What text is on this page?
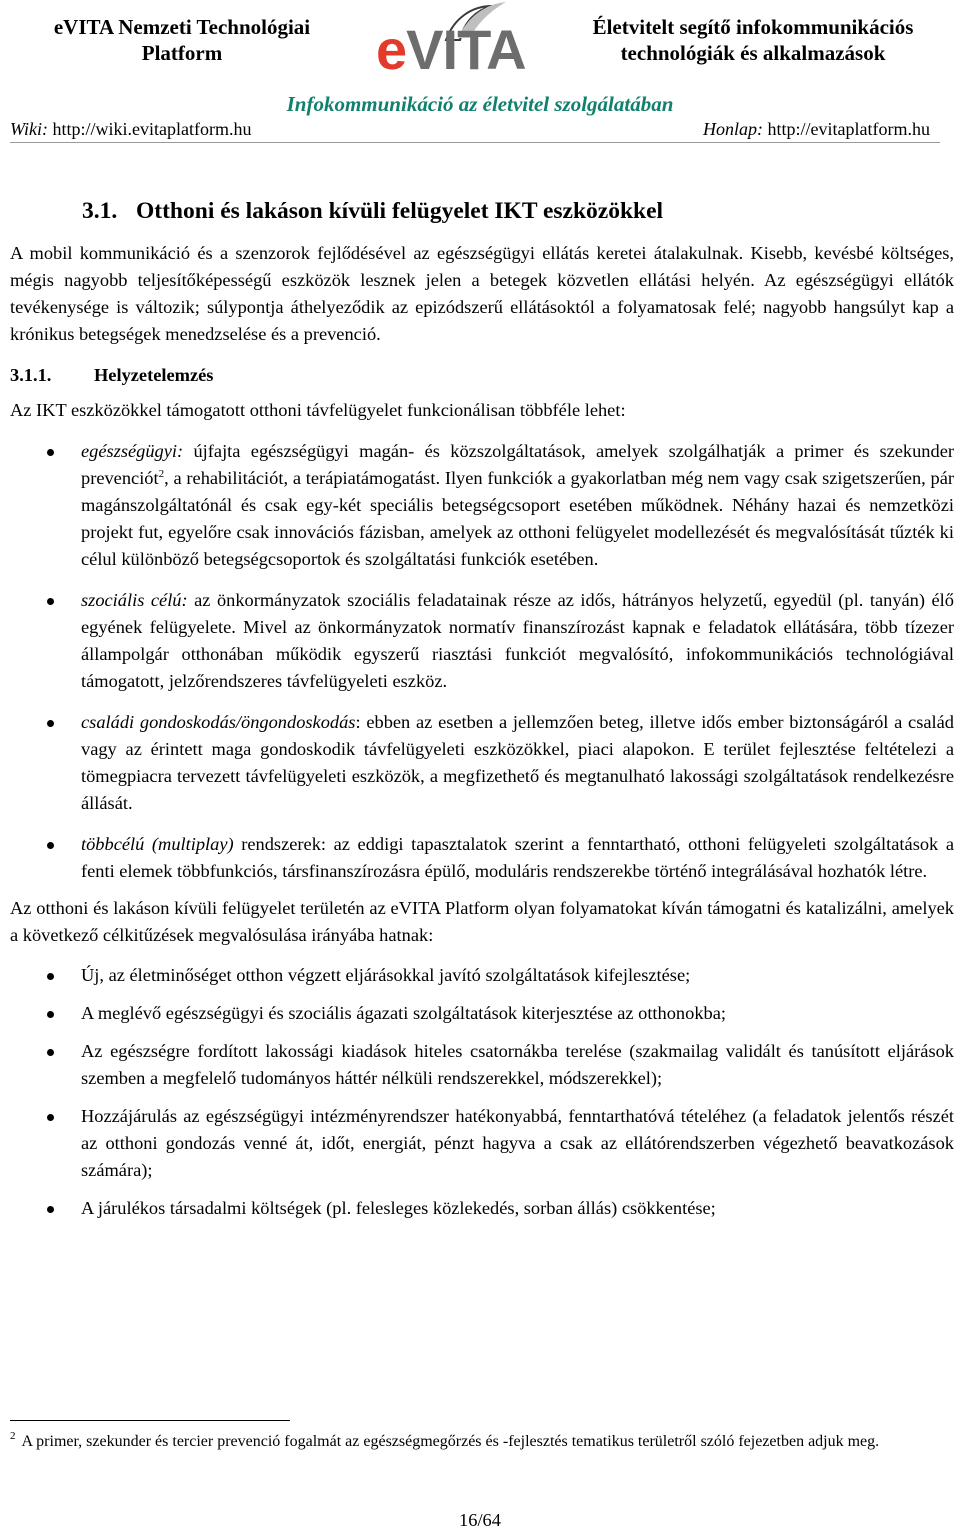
eVITA Nemzeti Technológiai
Platform	eVITA	Életvitelt segítő infokommunikációs
technológiák és alkalmazások
Infokommunikáció az életvitel szolgálatában
Wiki: http://wiki.evitaplatform.hu	Honlap: http://evitaplatform.hu
3.1. Otthoni és lakáson kívüli felügyelet IKT eszközökkel

A mobil kommunikáció és a szenzorok fejlődésével az egészségügyi ellátás keretei átalakulnak. Kisebb, kevésbé költséges, mégis nagyobb teljesítőképességű eszközök lesznek jelen a betegek közvetlen ellátási helyén. Az egészségügyi ellátók tevékenysége is változik; súlypontja áthelyeződik az epizódszerű ellátásoktól a folyamatosak felé; nagyobb hangsúlyt kap a krónikus betegségek menedzselése és a prevenció.

3.1.1. Helyzetelemzés

Az IKT eszközökkel támogatott otthoni távfelügyelet funkcionálisan többféle lehet:

egészségügyi: újfajta egészségügyi magán- és közszolgáltatások, amelyek szolgálhatják a primer és szekunder prevenciót$^2$, a rehabilitációt, a terápiatámogatást. Ilyen funkciók a gyakorlatban még nem vagy csak szigetszerűen, pár magánszolgáltatónál és csak egy-két speciális betegségcsoport esetében működnek. Néhány hazai és nemzetközi projekt fut, egyelőre csak innovációs fázisban, amelyek az otthoni felügyelet modellezését és megvalósítását tűzték ki célul különböző betegségcsoportok és szolgáltatási funkciók esetében.
szociális célú: az önkormányzatok szociális feladatainak része az idős, hátrányos helyzetű, egyedül (pl. tanyán) élő egyének felügyelete. Mivel az önkormányzatok normatív finanszírozást kapnak e feladatok ellátására, több tízezer állampolgár otthonában működik egyszerű riasztási funkciót megvalósító, infokommunikációs technológiával támogatott, jelzőrendszeres távfelügyeleti eszköz.
családi gondoskodás/öngondoskodás: ebben az esetben a jellemzően beteg, illetve idős ember biztonságáról a család vagy az érintett maga gondoskodik távfelügyeleti eszközökkel, piaci alapokon. E terület fejlesztése feltételezi a tömegpiacra tervezett távfelügyeleti eszközök, a megfizethető és megtanulható lakossági szolgáltatások rendelkezésre állását.
többcélú (multiplay) rendszerek: az eddigi tapasztalatok szerint a fenntartható, otthoni felügyeleti szolgáltatások a fenti elemek többfunkciós, társfinanszírozásra épülő, moduláris rendszerekbe történő integrálásával hozhatók létre.

Az otthoni és lakáson kívüli felügyelet területén az eVITA Platform olyan folyamatokat kíván támogatni és katalizálni, amelyek a következő célkitűzések megvalósulása irányába hatnak:

Új, az életminőséget otthon végzett eljárásokkal javító szolgáltatások kifejlesztése;
A meglévő egészségügyi és szociális ágazati szolgáltatások kiterjesztése az otthonokba;
Az egészségre fordított lakossági kiadások hiteles csatornákba terelése (szakmailag validált és tanúsított eljárások szemben a megfelelő tudományos háttér nélküli rendszerekkel, módszerekkel);
Hozzájárulás az egészségügyi intézményrendszer hatékonyabbá, fenntarthatóvá tételéhez (a feladatok jelentős részét az otthoni gondozás venné át, időt, energiát, pénzt hagyva a csak az ellátórendszerben végezhető beavatkozások számára);
A járulékos társadalmi költségek (pl. felesleges közlekedés, sorban állás) csökkentése;
$^2$ A primer, szekunder és tercier prevenció fogalmát az egészségmegőrzés és -fejlesztés tematikus területről szóló fejezetben adjuk meg.
16/64
